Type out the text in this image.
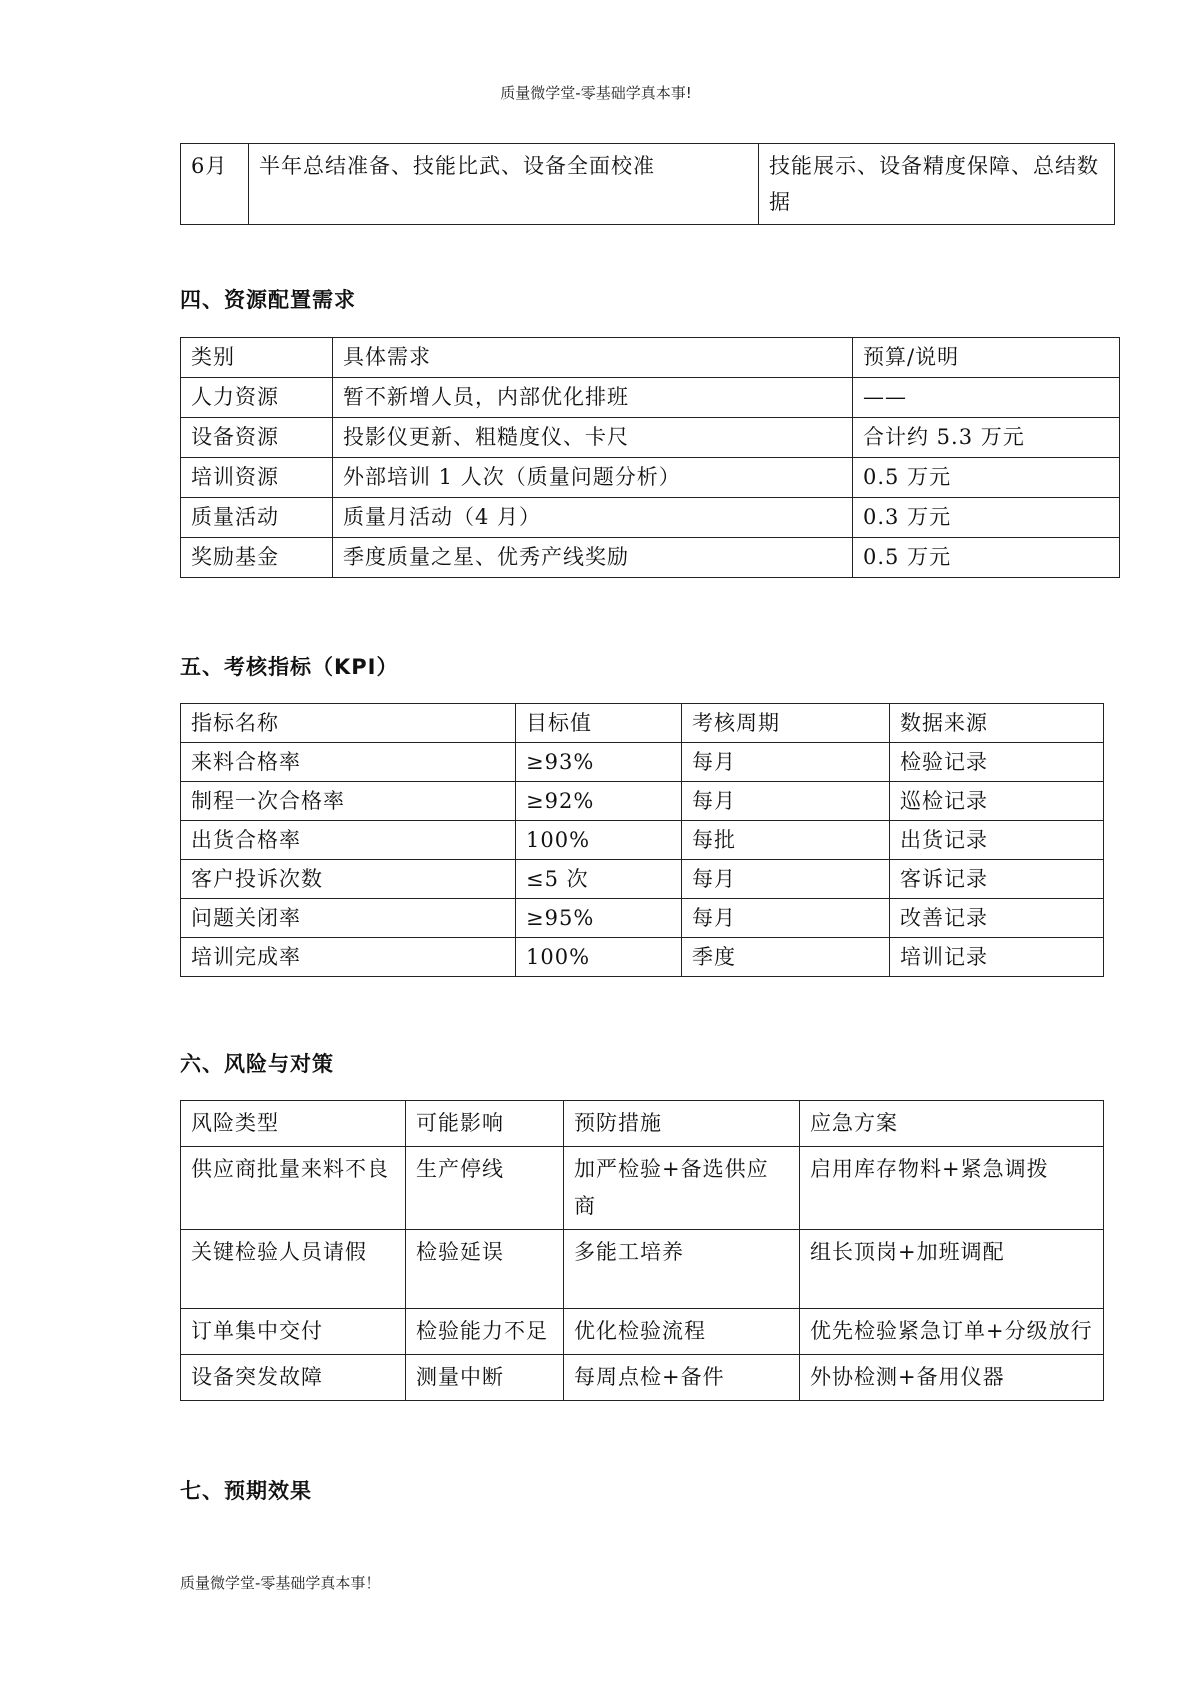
质量微学堂-零基础学真本事!
6月	半年总结准备、技能比武、设备全面校准	技能展示、设备精度保障、总结数据
四、资源配置需求
类别	具体需求	预算/说明
人力资源	暂不新增人员，内部优化排班	——
设备资源	投影仪更新、粗糙度仪、卡尺	合计约 5.3 万元
培训资源	外部培训 1 人次（质量问题分析）	0.5 万元
质量活动	质量月活动（4 月）	0.3 万元
奖励基金	季度质量之星、优秀产线奖励	0.5 万元
五、考核指标（KPI）
指标名称	目标值	考核周期	数据来源
来料合格率	≥93%	每月	检验记录
制程一次合格率	≥92%	每月	巡检记录
出货合格率	100%	每批	出货记录
客户投诉次数	≤5 次	每月	客诉记录
问题关闭率	≥95%	每月	改善记录
培训完成率	100%	季度	培训记录
六、风险与对策
风险类型	可能影响	预防措施	应急方案
供应商批量来料不良	生产停线	加严检验+备选供应商	启用库存物料+紧急调拨
关键检验人员请假	检验延误	多能工培养	组长顶岗+加班调配
订单集中交付	检验能力不足	优化检验流程	优先检验紧急订单+分级放行
设备突发故障	测量中断	每周点检+备件	外协检测+备用仪器
七、预期效果
质量微学堂-零基础学真本事！
